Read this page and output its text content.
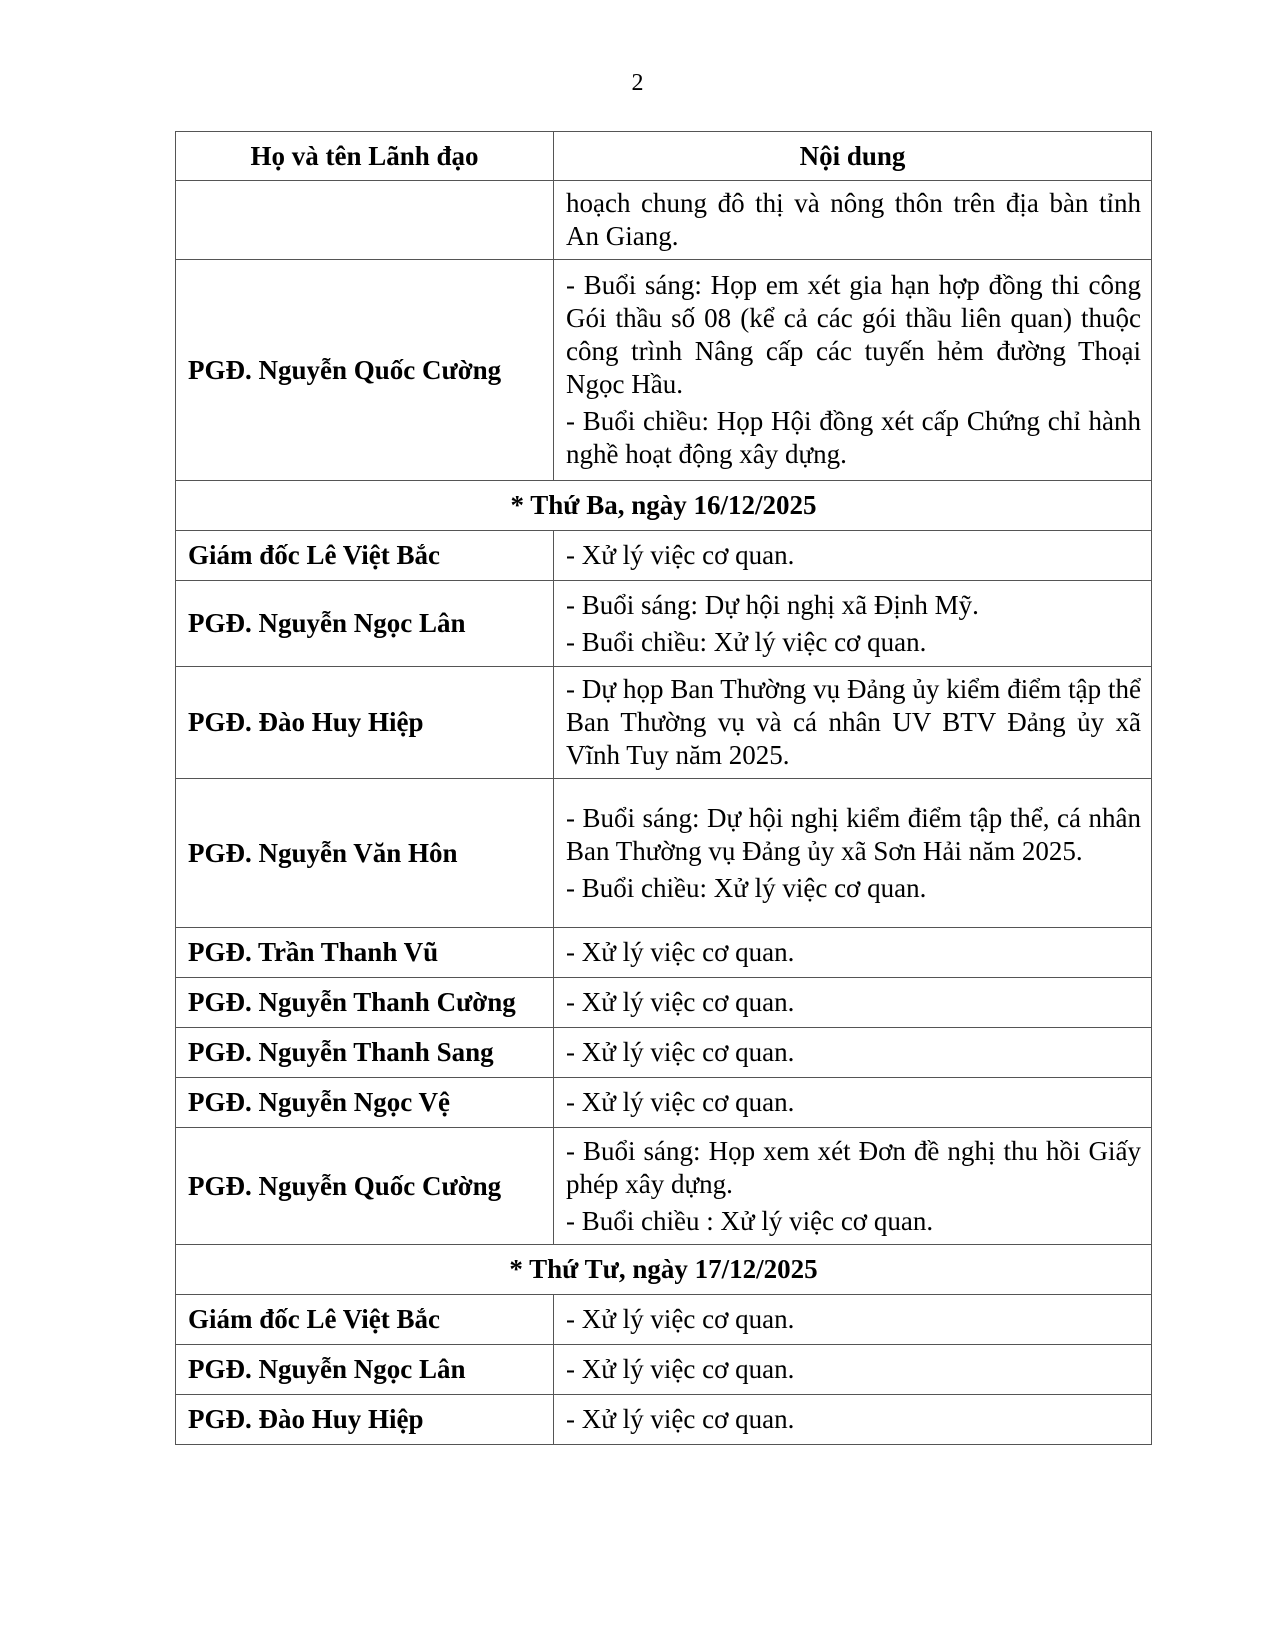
2
Họ và tên Lãnh đạo	Nội dung

	hoạch chung đô thị và nông thôn trên địa bàn tỉnh An Giang.

PGĐ. Nguyễn Quốc Cường	- Buổi sáng: Họp em xét gia hạn hợp đồng thi công Gói thầu số 08 (kể cả các gói thầu liên quan) thuộc công trình Nâng cấp các tuyến hẻm đường Thoại Ngọc Hầu.

- Buổi chiều: Họp Hội đồng xét cấp Chứng chỉ hành nghề hoạt động xây dựng.

* Thứ Ba, ngày 16/12/2025	
Giám đốc Lê Việt Bắc	- Xử lý việc cơ quan.

PGĐ. Nguyễn Ngọc Lân	- Buổi sáng: Dự hội nghị xã Định Mỹ.

- Buổi chiều: Xử lý việc cơ quan.

PGĐ. Đào Huy Hiệp	- Dự họp Ban Thường vụ Đảng ủy kiểm điểm tập thể Ban Thường vụ và cá nhân UV BTV Đảng ủy xã Vĩnh Tuy năm 2025.

PGĐ. Nguyễn Văn Hôn	- Buổi sáng: Dự hội nghị kiểm điểm tập thể, cá nhân Ban Thường vụ Đảng ủy xã Sơn Hải năm 2025.

- Buổi chiều: Xử lý việc cơ quan.

PGĐ. Trần Thanh Vũ	- Xử lý việc cơ quan.

PGĐ. Nguyễn Thanh Cường	- Xử lý việc cơ quan.

PGĐ. Nguyễn Thanh Sang	- Xử lý việc cơ quan.

PGĐ. Nguyễn Ngọc Vệ	- Xử lý việc cơ quan.

PGĐ. Nguyễn Quốc Cường	- Buổi sáng: Họp xem xét Đơn đề nghị thu hồi Giấy phép xây dựng.

- Buổi chiều : Xử lý việc cơ quan.

* Thứ Tư, ngày 17/12/2025	
Giám đốc Lê Việt Bắc	- Xử lý việc cơ quan.

PGĐ. Nguyễn Ngọc Lân	- Xử lý việc cơ quan.

PGĐ. Đào Huy Hiệp	- Xử lý việc cơ quan.
